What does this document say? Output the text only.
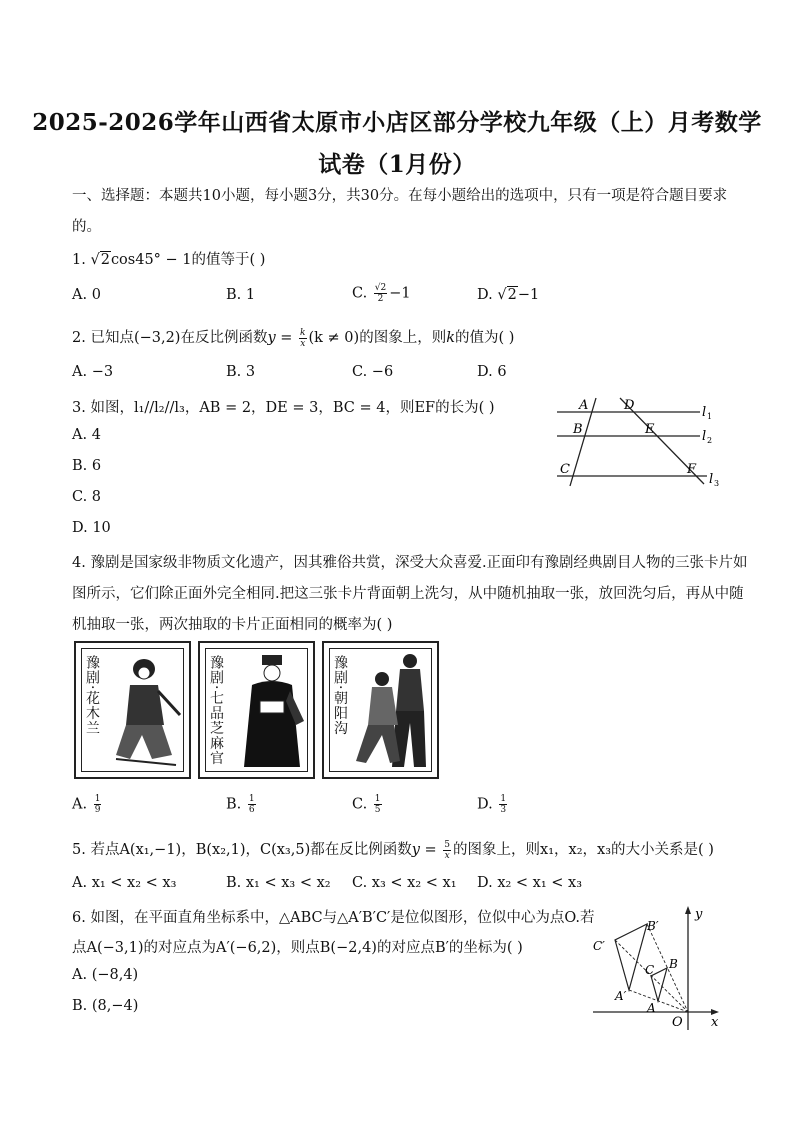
2025-2026学年山西省太原市小店区部分学校九年级（上）月考数学
试卷（1月份）
一、选择题：本题共10小题，每小题3分，共30分。在每小题给出的选项中，只有一项是符合题目要求
的。
1. √2cos45° − 1的值等于( )
A. 0	B. 1	C. $\frac{√2}{2} -1$	D. √2−1
2. 已知点(−3,2)在反比例函数$y = \frac{k}{x} (k \ne 0)$的图象上，则k的值为( )
A. −3	B. 3	C. −6	D. 6
3. 如图，l₁//l₂//l₃，AB = 2，DE = 3，BC = 4，则EF的长为( )
A. 4
B. 6
C. 8
D. 10
A	D
B	E
C	F
l 1
l 2
l 3
4. 豫剧是国家级非物质文化遗产，因其雅俗共赏，深受大众喜爱.正面印有豫剧经典剧目人物的三张卡片如
图所示，它们除正面外完全相同.把这三张卡片背面朝上洗匀，从中随机抽取一张，放回洗匀后，再从中随
机抽取一张，两次抽取的卡片正面相同的概率为( )
豫剧·花木兰	豫剧·七品芝麻官	豫剧·朝阳沟
A. $\frac{1}{9}$	B. $\frac{1}{6}$	C. $\frac{1}{5}$	D. $\frac{1}{3}$
5. 若点A(x₁,−1)，B(x₂,1)，C(x₃,5)都在反比例函数$y = \frac{5}{x}$ 的图象上，则x₁，x₂，x₃的大小关系是( )
A. x₁ < x₂ < x₃	B. x₁ < x₃ < x₂ C. x₃ < x₂ < x₁ D. x₂ < x₁ < x₃
6. 如图，在平面直角坐标系中，△ABC与△A′B′C′是位似图形，位似中心为点O.若
点A(−3,1)的对应点为A′(−6,2)，则点B(−2,4)的对应点B′的坐标为( )
A. (−8,4)
B. (8,−4)
y
x
O
A
B
C
A′
B′
C′
